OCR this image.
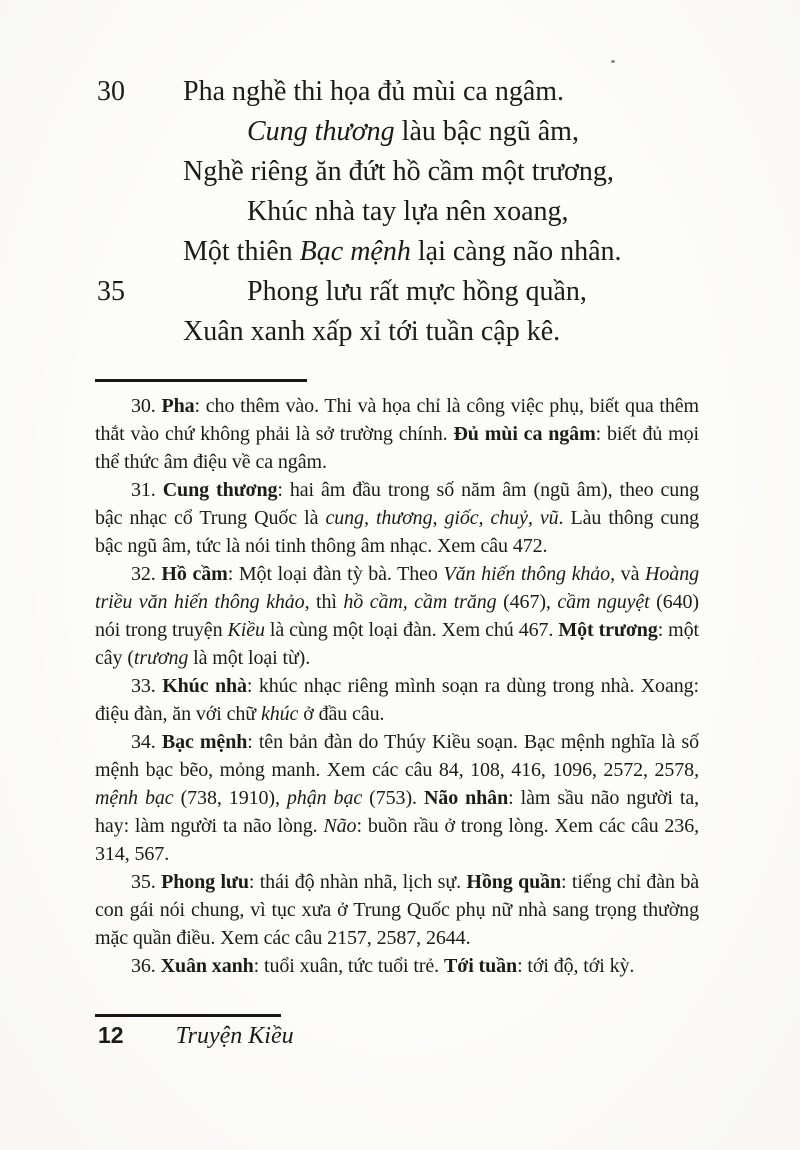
30 Pha nghề thi họa đủ mùi ca ngâm.
Cung thương làu bậc ngũ âm,
Nghề riêng ăn đứt hồ cầm một trương,
Khúc nhà tay lựa nên xoang,
Một thiên Bạc mệnh lại càng não nhân.
35	Phong lưu rất mực hồng quần,
Xuân xanh xấp xỉ tới tuần cập kê.

30. Pha: cho thêm vào. Thi và họa chỉ là công việc phụ, biết qua thêm thắt vào chứ không phải là sở trường chính. Đủ mùi ca ngâm: biết đủ mọi thể thức âm điệu về ca ngâm.

31. Cung thương: hai âm đầu trong số năm âm (ngũ âm), theo cung bậc nhạc cổ Trung Quốc là cung, thương, giốc, chuỷ, vũ. Làu thông cung bậc ngũ âm, tức là nói tinh thông âm nhạc. Xem câu 472.

32. Hồ cầm: Một loại đàn tỳ bà. Theo Văn hiến thông khảo, và Hoàng triều văn hiến thông khảo, thì hồ cầm, cầm trăng (467), cầm nguyệt (640) nói trong truyện Kiều là cùng một loại đàn. Xem chú 467. Một trương: một cây (trương là một loại từ).

33. Khúc nhà: khúc nhạc riêng mình soạn ra dùng trong nhà. Xoang: điệu đàn, ăn với chữ khúc ở đầu câu.

34. Bạc mệnh: tên bản đàn do Thúy Kiều soạn. Bạc mệnh nghĩa là số mệnh bạc bẽo, mỏng manh. Xem các câu 84, 108, 416, 1096, 2572, 2578, mệnh bạc (738, 1910), phận bạc (753). Não nhân: làm sầu não người ta, hay: làm người ta não lòng. Não: buồn rầu ở trong lòng. Xem các câu 236, 314, 567.

35. Phong lưu: thái độ nhàn nhã, lịch sự. Hồng quần: tiếng chỉ đàn bà con gái nói chung, vì tục xưa ở Trung Quốc phụ nữ nhà sang trọng thường mặc quần điều. Xem các câu 2157, 2587, 2644.

36. Xuân xanh: tuổi xuân, tức tuổi trẻ. Tới tuần: tới độ, tới kỳ.

12 Truyện Kiều
